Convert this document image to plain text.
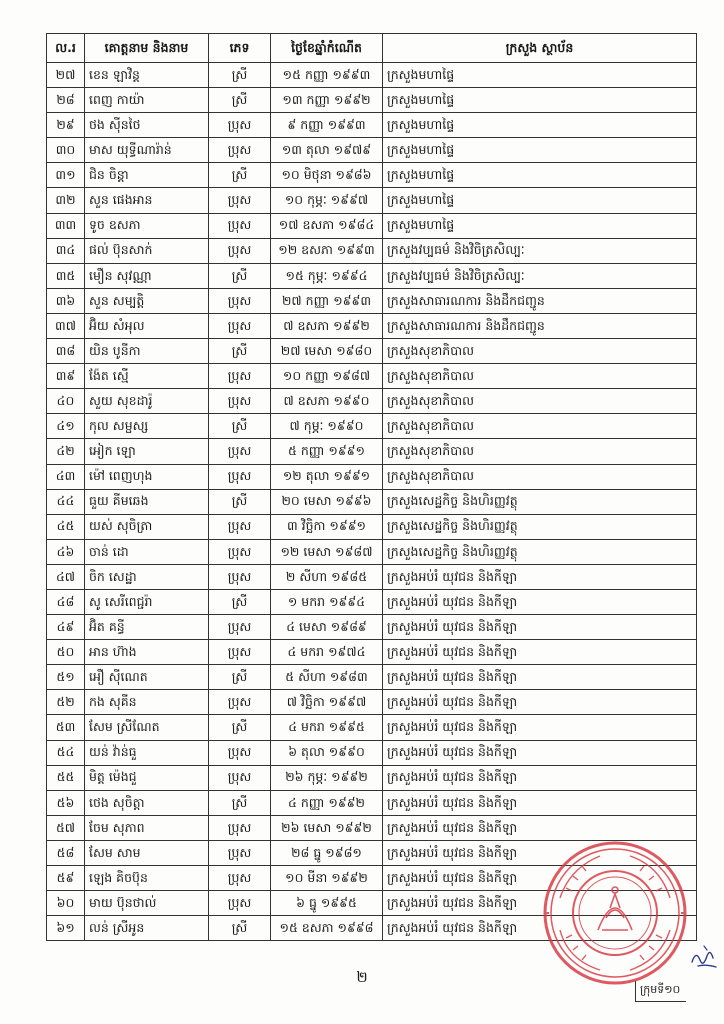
ល.រ	គោត្តនាម និងនាម	ភេទ	ថ្ងៃខែឆ្នាំកំណើត	ក្រសួង ស្ថាប័ន
២៧	ខេន ឡាវិន្ត	ស្រី	១៥ កញ្ញា ១៩៩៣	ក្រសួងមហាផ្ទៃ
២៨	ពេញ កាយ៉ា	ស្រី	១៣ កញ្ញា ១៩៩២	ក្រសួងមហាផ្ទៃ
២៩	ថង ស៊ីនថៃ	ប្រុស	៩ កញ្ញា ១៩៩៣	ក្រសួងមហាផ្ទៃ
៣០	មាស យុទ្ធីណារ៉ាន់	ប្រុស	១៣ តុលា ១៩៧៩	ក្រសួងមហាផ្ទៃ
៣១	ជិន ចិន្តា	ស្រី	១០ មិថុនា ១៩៨៦	ក្រសួងមហាផ្ទៃ
៣២	សួន ផេងអាន	ប្រុស	១០ កុម្ភៈ ១៩៩៧	ក្រសួងមហាផ្ទៃ
៣៣	ទូច ឧសភា	ប្រុស	១៧ ឧសភា ១៩៨៤	ក្រសួងមហាផ្ទៃ
៣៤	ផល់ ប៊ុនសាក់	ប្រុស	១២ ឧសភា ១៩៩៣	ក្រសួងវប្បធម៌ និងវិចិត្រសិល្បៈ
៣៥	មឿន សុវណ្ណា	ស្រី	១៥ កុម្ភៈ ១៩៩៤	ក្រសួងវប្បធម៌ និងវិចិត្រសិល្បៈ
៣៦	សួន សម្បត្តិ	ប្រុស	២៧ កញ្ញា ១៩៩៣	ក្រសួងសាធារណការ និងដឹកជញ្ជូន
៣៧	អ៊ិយ សំអុល	ប្រុស	៧ ឧសភា ១៩៩២	ក្រសួងសាធារណការ និងដឹកជញ្ជូន
៣៨	យិន បូនីកា	ស្រី	២៧ មេសា ១៩៨០	ក្រសួងសុខាភិបាល
៣៩	ង៉ែត ស្មើ	ប្រុស	១០ កញ្ញា ១៩៨៧	ក្រសួងសុខាភិបាល
៤០	សួយ សុខដារ៉ូ	ប្រុស	៧ ឧសភា ១៩៩០	ក្រសួងសុខាភិបាល
៤១	កុល សម្ផស្ស	ស្រី	៧ កុម្ភៈ ១៩៩០	ក្រសួងសុខាភិបាល
៤២	អៀក ឡោ	ប្រុស	៥ កញ្ញា ១៩៩១	ក្រសួងសុខាភិបាល
៤៣	ម៉ៅ ពេញហុង	ប្រុស	១២ តុលា ១៩៩១	ក្រសួងសុខាភិបាល
៤៤	ធួយ គីមឆេង	ស្រី	២០ មេសា ១៩៩៦	ក្រសួងសេដ្ឋកិច្ច និងហិរញ្ញវត្ថុ
៤៥	យស់ សុចិត្រា	ប្រុស	៣ វិច្ឆិកា ១៩៩១	ក្រសួងសេដ្ឋកិច្ច និងហិរញ្ញវត្ថុ
៤៦	ចាន់ ដោ	ប្រុស	១២ មេសា ១៩៨៧	ក្រសួងសេដ្ឋកិច្ច និងហិរញ្ញវត្ថុ
៤៧	ចិក សេដ្ឋា	ប្រុស	២ សីហា ១៩៨៥	ក្រសួងអប់រំ យុវជន និងកីឡា
៤៨	សូ សេរីពេជ្ជរ៉ា	ស្រី	១ មករា ១៩៩៤	ក្រសួងអប់រំ យុវជន និងកីឡា
៤៩	អ៊ិត គន្ធី	ប្រុស	៤ មេសា ១៩៨៩	ក្រសួងអប់រំ យុវជន និងកីឡា
៥០	អាន ហ៊ាង	ប្រុស	៤ មករា ១៩៧៤	ក្រសួងអប់រំ យុវជន និងកីឡា
៥១	អឿ ស៊ីណេត	ស្រី	៥ សីហា ១៩៨៣	ក្រសួងអប់រំ យុវជន និងកីឡា
៥២	កង សុគីន	ប្រុស	៧ វិច្ឆិកា ១៩៩៧	ក្រសួងអប់រំ យុវជន និងកីឡា
៥៣	សែម ស្រីណែត	ស្រី	៤ មករា ១៩៩៥	ក្រសួងអប់រំ យុវជន និងកីឡា
៥៤	យន់ វ៉ាន់ធួ	ប្រុស	៦ តុលា ១៩៩០	ក្រសួងអប់រំ យុវជន និងកីឡា
៥៥	មិត្ត ម៉េងជួ	ប្រុស	២៦ កុម្ភៈ ១៩៩២	ក្រសួងអប់រំ យុវជន និងកីឡា
៥៦	ថេង សុចិត្តា	ស្រី	៤ កញ្ញា ១៩៩២	ក្រសួងអប់រំ យុវជន និងកីឡា
៥៧	ចែម សុភាព	ប្រុស	២៦ មេសា ១៩៩២	ក្រសួងអប់រំ យុវជន និងកីឡា
៥៨	សែម សាម	ប្រុស	២៨ ធ្នូ ១៩៨១	ក្រសួងអប់រំ យុវជន និងកីឡា
៥៩	ឡេង គិចប៊ុន	ប្រុស	១០ មីនា ១៩៩២	ក្រសួងអប់រំ យុវជន និងកីឡា
៦០	មាយ ប៊ុនថាល់	ប្រុស	៦ ធ្នូ ១៩៩៥	ក្រសួងអប់រំ យុវជន និងកីឡា
៦១	លន់ ស្រីអូន	ស្រី	១៥ ឧសភា ១៩៩៨	ក្រសួងអប់រំ យុវជន និងកីឡា
២
ក្រុមទី១០
